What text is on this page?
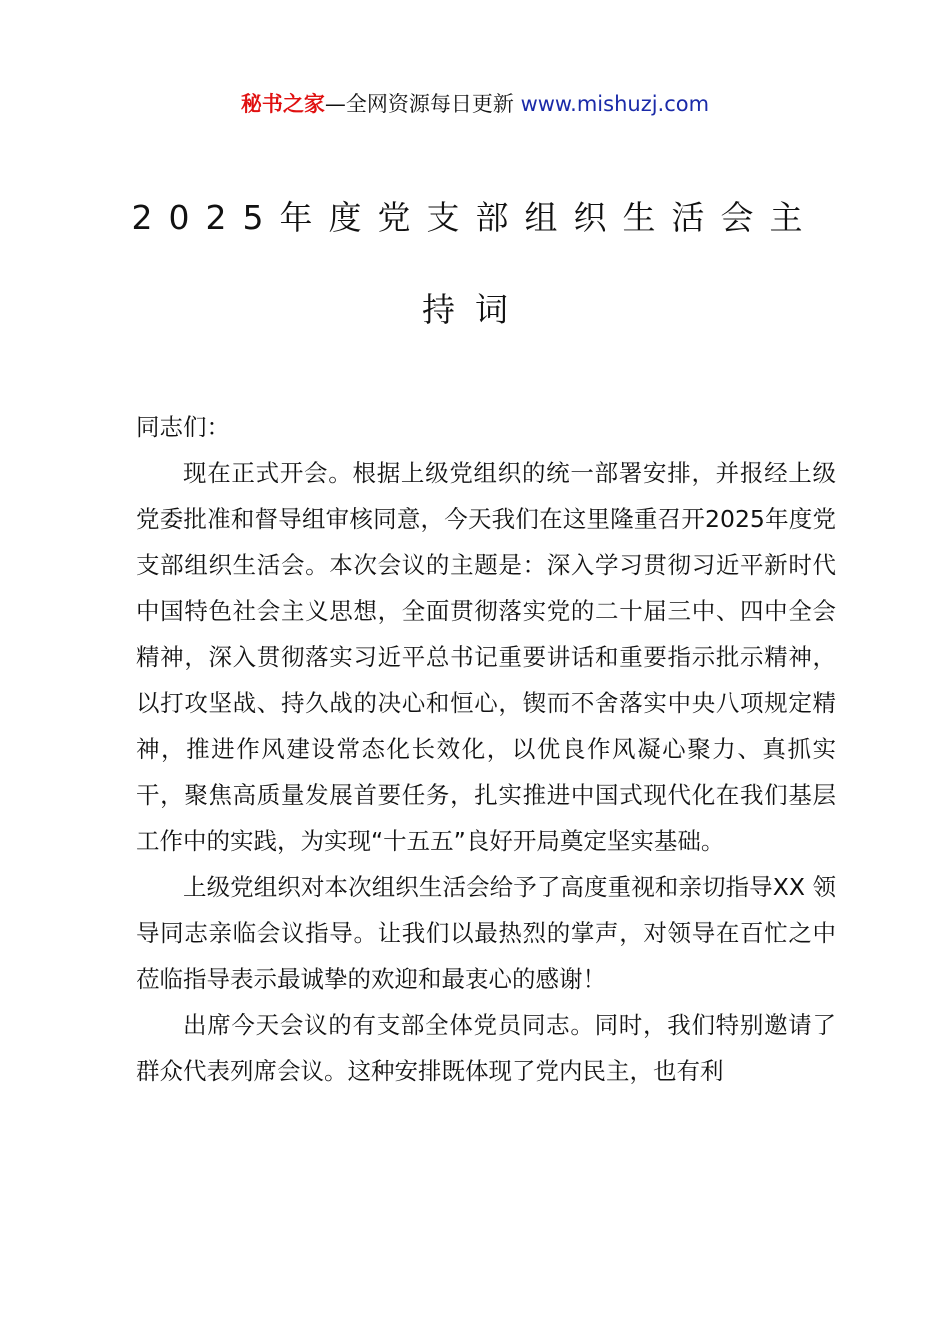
秘书之家—全网资源每日更新 www.mishuzj.com
2025年度党支部组织生活会主
持词

同志们：

现在正式开会。根据上级党组织的统一部署安排，并报经上级党委批准和督导组审核同意，今天我们在这里隆重召开2025年度党支部组织生活会。本次会议的主题是：深入学习贯彻习近平新时代中国特色社会主义思想，全面贯彻落实党的二十届三中、四中全会精神，深入贯彻落实习近平总书记重要讲话和重要指示批示精神，以打攻坚战、持久战的决心和恒心，锲而不舍落实中央八项规定精神，推进作风建设常态化长效化，以优良作风凝心聚力、真抓实干，聚焦高质量发展首要任务，扎实推进中国式现代化在我们基层工作中的实践，为实现“十五五”良好开局奠定坚实基础。

上级党组织对本次组织生活会给予了高度重视和亲切指导XX 领导同志亲临会议指导。让我们以最热烈的掌声，对领导在百忙之中莅临指导表示最诚挚的欢迎和最衷心的感谢！

出席今天会议的有支部全体党员同志。同时，我们特别邀请了群众代表列席会议。这种安排既体现了党内民主，也有利
